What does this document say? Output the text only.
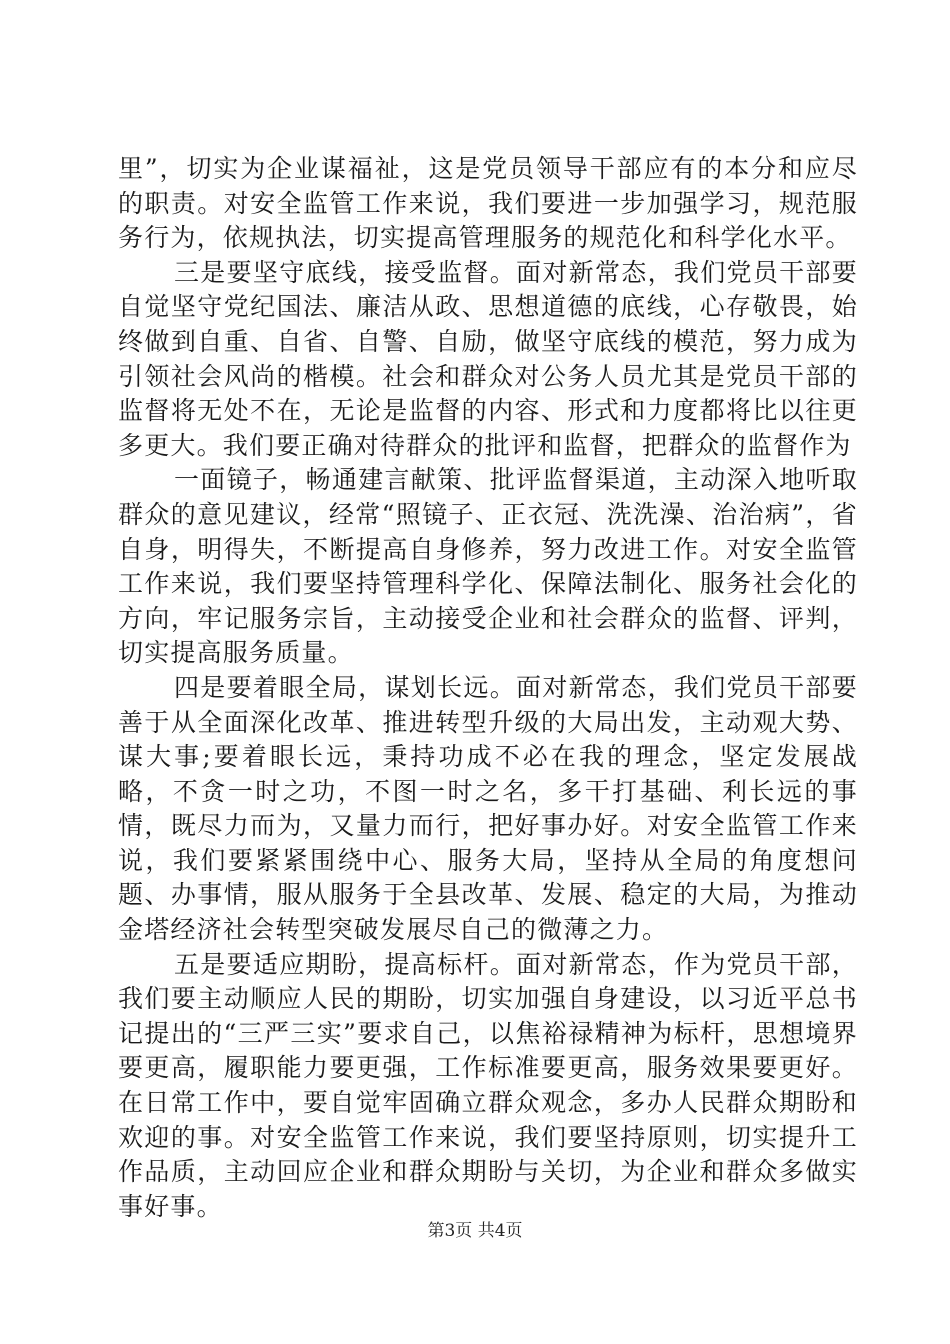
里”，切实为企业谋福祉，这是党员领导干部应有的本分和应尽的职责。对安全监管工作来说，我们要进一步加强学习，规范服务行为，依规执法，切实提高管理服务的规范化和科学化水平。

三是要坚守底线，接受监督。面对新常态，我们党员干部要自觉坚守党纪国法、廉洁从政、思想道德的底线，心存敬畏，始终做到自重、自省、自警、自励，做坚守底线的模范，努力成为引领社会风尚的楷模。社会和群众对公务人员尤其是党员干部的监督将无处不在，无论是监督的内容、形式和力度都将比以往更多更大。我们要正确对待群众的批评和监督，把群众的监督作为

一面镜子，畅通建言献策、批评监督渠道，主动深入地听取群众的意见建议，经常“照镜子、正衣冠、洗洗澡、治治病”，省自身，明得失，不断提高自身修养，努力改进工作。对安全监管工作来说，我们要坚持管理科学化、保障法制化、服务社会化的方向，牢记服务宗旨，主动接受企业和社会群众的监督、评判，切实提高服务质量。

四是要着眼全局，谋划长远。面对新常态，我们党员干部要善于从全面深化改革、推进转型升级的大局出发，主动观大势、谋大事;要着眼长远，秉持功成不必在我的理念，坚定发展战略，不贪一时之功，不图一时之名，多干打基础、利长远的事情，既尽力而为，又量力而行，把好事办好。对安全监管工作来说，我们要紧紧围绕中心、服务大局，坚持从全局的角度想问题、办事情，服从服务于全县改革、发展、稳定的大局，为推动金塔经济社会转型突破发展尽自己的微薄之力。

五是要适应期盼，提高标杆。面对新常态，作为党员干部，我们要主动顺应人民的期盼，切实加强自身建设，以习近平总书记提出的“三严三实”要求自己，以焦裕禄精神为标杆，思想境界要更高，履职能力要更强，工作标准要更高，服务效果要更好。在日常工作中，要自觉牢固确立群众观念，多办人民群众期盼和欢迎的事。对安全监管工作来说，我们要坚持原则，切实提升工作品质，主动回应企业和群众期盼与关切，为企业和群众多做实事好事。

第3页 共4页
